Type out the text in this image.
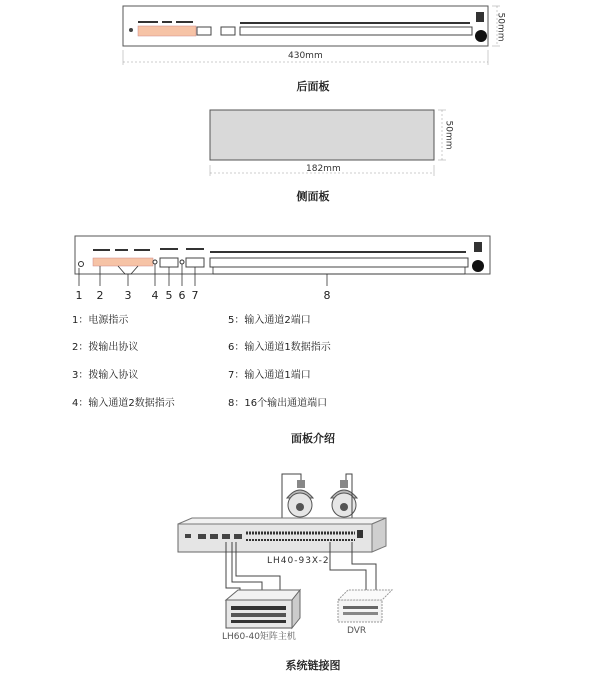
430mm
50mm
后面板
182mm
50mm
侧面板
1 2 3 4 5 6 7	8
1：电源指示
2：拨输出协议
3：拨输入协议
4：输入通道2数据指示
5：输入通道2端口
6：输入通道1数据指示
7：输入通道1端口
8：16个输出通道端口
面板介绍
LH40-93X-2
LH60-40矩阵主机
DVR
系统链接图
